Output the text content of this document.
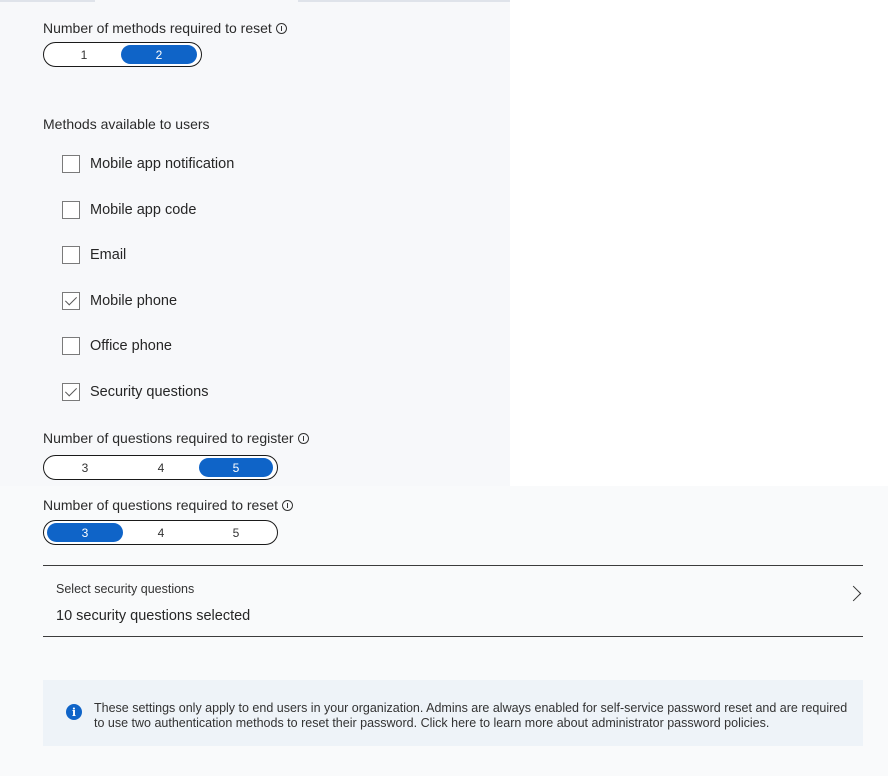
Number of methods required to reset
1	2
Methods available to users
Mobile app notification
Mobile app code
Email
Mobile phone
Office phone
Security questions
Number of questions required to register
3	4	5
Number of questions required to reset
3	4	5
Select security questions
10 security questions selected
i	These settings only apply to end users in your organization. Admins are always enabled for self-service password reset and are required to use two authentication methods to reset their password. Click here to learn more about administrator password policies.
